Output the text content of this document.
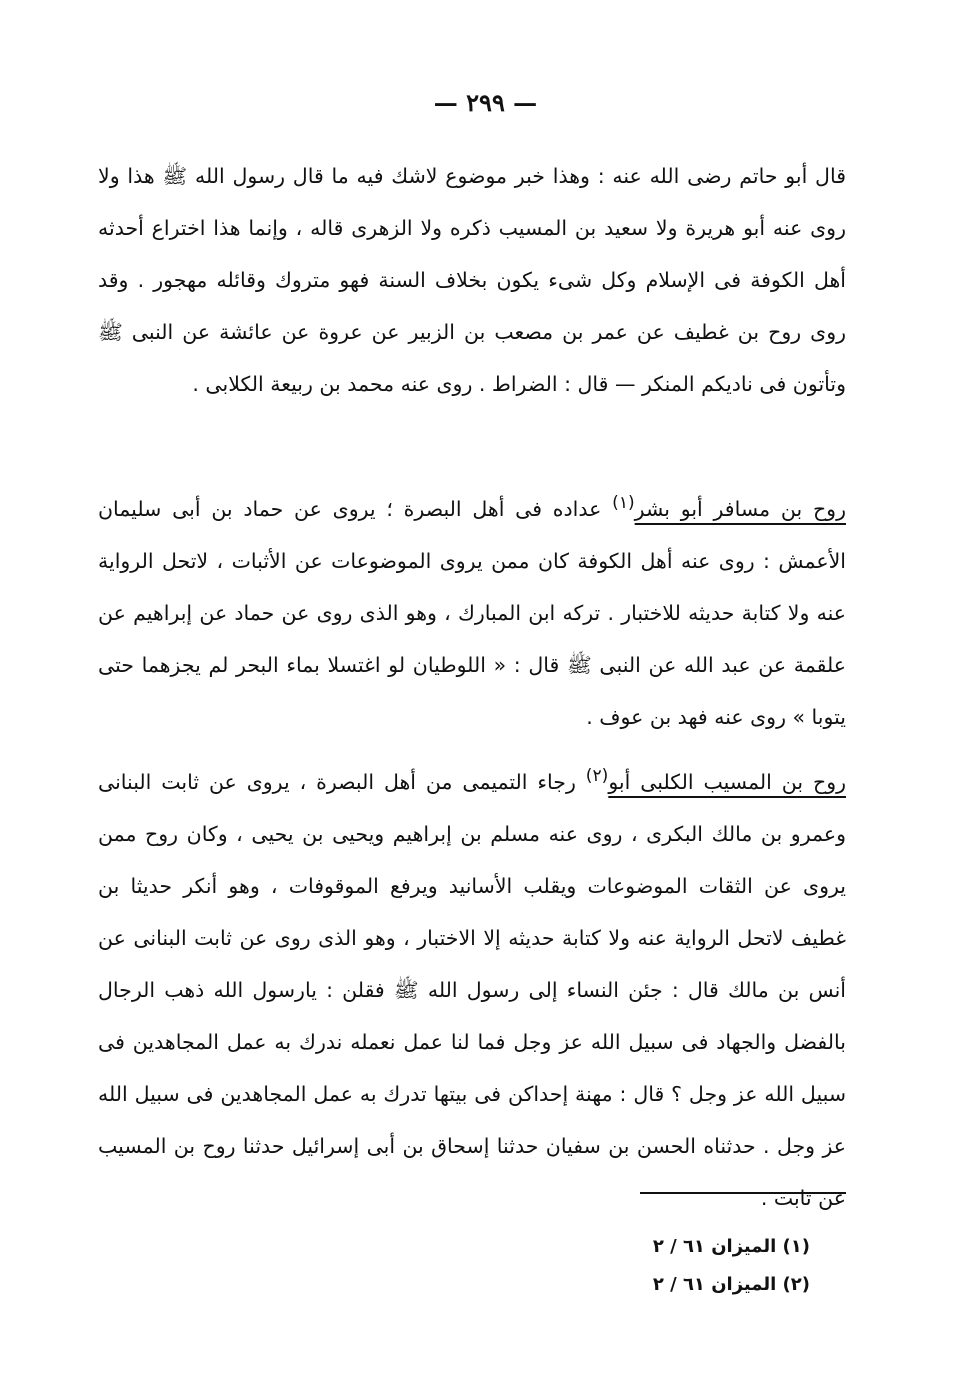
— ٢٩٩ —
قال أبو حاتم رضى الله عنه : وهذا خبر موضوع لاشك فيه ما قال رسول الله ﷺ هذا ولا روى عنه أبو هريرة ولا سعيد بن المسيب ذكره ولا الزهرى قاله ، وإنما هذا اختراع أحدثه أهل الكوفة فى الإسلام وكل شىء يكون بخلاف السنة فهو متروك وقائله مهجور . وقد روى روح بن غطيف عن عمر بن مصعب بن الزبير عن عروة عن عائشة عن النبى ﷺ وتأتون فى ناديكم المنكر — قال : الضراط . روى عنه محمد بن ربيعة الكلابى .
روح بن مسافر أبو بشر$^{(١)}$ عداده فى أهل البصرة ؛ يروى عن حماد بن أبى سليمان الأعمش : روى عنه أهل الكوفة كان ممن يروى الموضوعات عن الأثبات ، لاتحل الرواية عنه ولا كتابة حديثه للاختبار . تركه ابن المبارك ، وهو الذى روى عن حماد عن إبراهيم عن علقمة عن عبد الله عن النبى ﷺ قال : « اللوطيان لو اغتسلا بماء البحر لم يجزهما حتى يتوبا » روى عنه فهد بن عوف .
روح بن المسيب الكلبى أبو$^{(٢)}$ رجاء التميمى من أهل البصرة ، يروى عن ثابت البنانى وعمرو بن مالك البكرى ، روى عنه مسلم بن إبراهيم ويحيى بن يحيى ، وكان روح ممن يروى عن الثقات الموضوعات ويقلب الأسانيد ويرفع الموقوفات ، وهو أنكر حديثا بن غطيف لاتحل الرواية عنه ولا كتابة حديثه إلا الاختبار ، وهو الذى روى عن ثابت البنانى عن أنس بن مالك قال : جئن النساء إلى رسول الله ﷺ فقلن : يارسول الله ذهب الرجال بالفضل والجهاد فى سبيل الله عز وجل فما لنا عمل نعمله ندرك به عمل المجاهدين فى سبيل الله عز وجل ؟ قال : مهنة إحداكن فى بيتها تدرك به عمل المجاهدين فى سبيل الله عز وجل . حدثناه الحسن بن سفيان حدثنا إسحاق بن أبى إسرائيل حدثنا روح بن المسيب عن ثابت .
(١) الميزان ٦١ / ٢
(٢) الميزان ٦١ / ٢
